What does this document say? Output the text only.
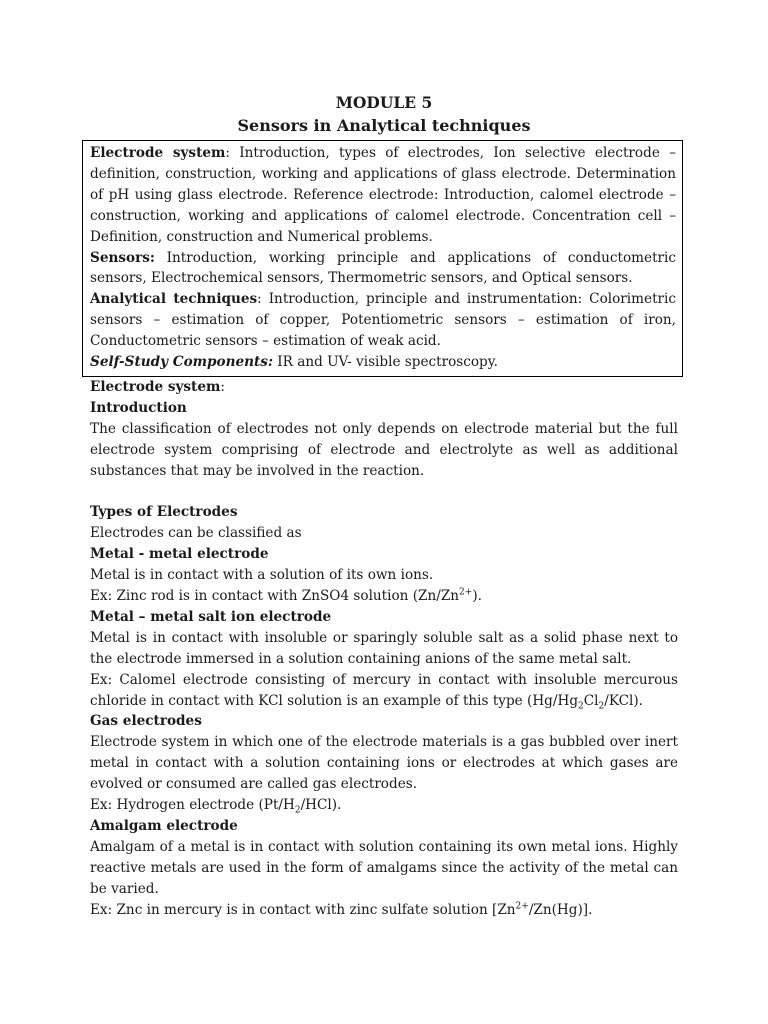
MODULE 5

Sensors in Analytical techniques

Electrode system: Introduction, types of electrodes, Ion selective electrode – definition, construction, working and applications of glass electrode. Determination of pH using glass electrode. Reference electrode: Introduction, calomel electrode – construction, working and applications of calomel electrode. Concentration cell – Definition, construction and Numerical problems.

Sensors: Introduction, working principle and applications of conductometric sensors, Electrochemical sensors, Thermometric sensors, and Optical sensors.

Analytical techniques: Introduction, principle and instrumentation: Colorimetric sensors – estimation of copper, Potentiometric sensors – estimation of iron, Conductometric sensors – estimation of weak acid.

Self-Study Components: IR and UV- visible spectroscopy.

Electrode system:

Introduction

The classification of electrodes not only depends on electrode material but the full electrode system comprising of electrode and electrolyte as well as additional substances that may be involved in the reaction.

Types of Electrodes

Electrodes can be classified as

Metal - metal electrode

Metal is in contact with a solution of its own ions.

Ex: Zinc rod is in contact with ZnSO4 solution $(Zn/Zn^{2+})$.

Metal – metal salt ion electrode

Metal is in contact with insoluble or sparingly soluble salt as a solid phase next to the electrode immersed in a solution containing anions of the same metal salt.

Ex: Calomel electrode consisting of mercury in contact with insoluble mercurous chloride in contact with KCl solution is an example of this type $(Hg/Hg_2Cl_2/KCl)$.

Gas electrodes

Electrode system in which one of the electrode materials is a gas bubbled over inert metal in contact with a solution containing ions or electrodes at which gases are evolved or consumed are called gas electrodes.

Ex: Hydrogen electrode $(Pt/H_2/HCl)$.

Amalgam electrode

Amalgam of a metal is in contact with solution containing its own metal ions. Highly reactive metals are used in the form of amalgams since the activity of the metal can be varied.

Ex: Znc in mercury is in contact with zinc sulfate solution $[Zn^{2+}/Zn(Hg)]$.
